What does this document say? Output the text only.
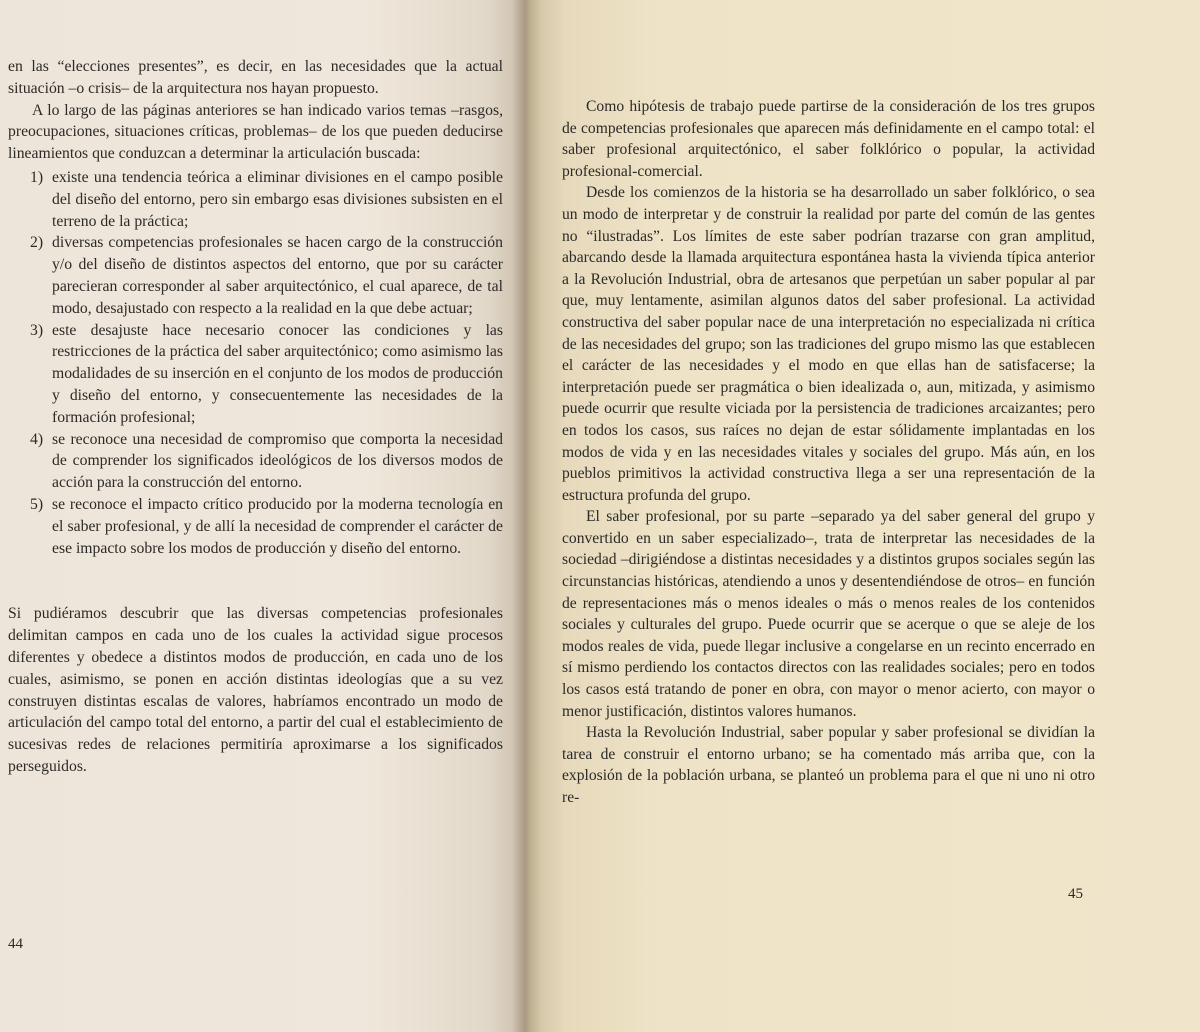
en las “elecciones presentes”, es decir, en las necesidades que la actual situación –o crisis– de la arquitectura nos hayan propuesto.

A lo largo de las páginas anteriores se han indicado varios temas –rasgos, preocupaciones, situaciones críticas, problemas– de los que pueden deducirse lineamientos que conduzcan a determinar la articulación buscada:

1) existe una tendencia teórica a eliminar divisiones en el campo posible del diseño del entorno, pero sin embargo esas divisiones subsisten en el terreno de la práctica;
2) diversas competencias profesionales se hacen cargo de la construcción y/o del diseño de distintos aspectos del entorno, que por su carácter parecieran corresponder al saber arquitectónico, el cual aparece, de tal modo, desajustado con respecto a la realidad en la que debe actuar;
3) este desajuste hace necesario conocer las condiciones y las restricciones de la práctica del saber arquitectónico; como asimismo las modalidades de su inserción en el conjunto de los modos de producción y diseño del entorno, y consecuentemente las necesidades de la formación profesional;
4) se reconoce una necesidad de compromiso que comporta la necesidad de comprender los significados ideológicos de los diversos modos de acción para la construcción del entorno.
5) se reconoce el impacto crítico producido por la moderna tecnología en el saber profesional, y de allí la necesidad de comprender el carácter de ese impacto sobre los modos de producción y diseño del entorno.

Si pudiéramos descubrir que las diversas competencias profesionales delimitan campos en cada uno de los cuales la actividad sigue procesos diferentes y obedece a distintos modos de producción, en cada uno de los cuales, asimismo, se ponen en acción distintas ideologías que a su vez construyen distintas escalas de valores, habríamos encontrado un modo de articulación del campo total del entorno, a partir del cual el establecimiento de sucesivas redes de relaciones permitiría aproximarse a los significados perseguidos.

44

Como hipótesis de trabajo puede partirse de la consideración de los tres grupos de competencias profesionales que aparecen más definidamente en el campo total: el saber profesional arquitectónico, el saber folklórico o popular, la actividad profesional-comercial.

Desde los comienzos de la historia se ha desarrollado un saber folklórico, o sea un modo de interpretar y de construir la realidad por parte del común de las gentes no “ilustradas”. Los límites de este saber podrían trazarse con gran amplitud, abarcando desde la llamada arquitectura espontánea hasta la vivienda típica anterior a la Revolución Industrial, obra de artesanos que perpetúan un saber popular al par que, muy lentamente, asimilan algunos datos del saber profesional. La actividad constructiva del saber popular nace de una interpretación no especializada ni crítica de las necesidades del grupo; son las tradiciones del grupo mismo las que establecen el carácter de las necesidades y el modo en que ellas han de satisfacerse; la interpretación puede ser pragmática o bien idealizada o, aun, mitizada, y asimismo puede ocurrir que resulte viciada por la persistencia de tradiciones arcaizantes; pero en todos los casos, sus raíces no dejan de estar sólidamente implantadas en los modos de vida y en las necesidades vitales y sociales del grupo. Más aún, en los pueblos primitivos la actividad constructiva llega a ser una representación de la estructura profunda del grupo.

El saber profesional, por su parte –separado ya del saber general del grupo y convertido en un saber especializado–, trata de interpretar las necesidades de la sociedad –dirigiéndose a distintas necesidades y a distintos grupos sociales según las circunstancias históricas, atendiendo a unos y desentendiéndose de otros– en función de representaciones más o menos ideales o más o menos reales de los contenidos sociales y culturales del grupo. Puede ocurrir que se acerque o que se aleje de los modos reales de vida, puede llegar inclusive a congelarse en un recinto encerrado en sí mismo perdiendo los contactos directos con las realidades sociales; pero en todos los casos está tratando de poner en obra, con mayor o menor acierto, con mayor o menor justificación, distintos valores humanos.

Hasta la Revolución Industrial, saber popular y saber profesional se dividían la tarea de construir el entorno urbano; se ha comentado más arriba que, con la explosión de la población urbana, se planteó un problema para el que ni uno ni otro re-

45
